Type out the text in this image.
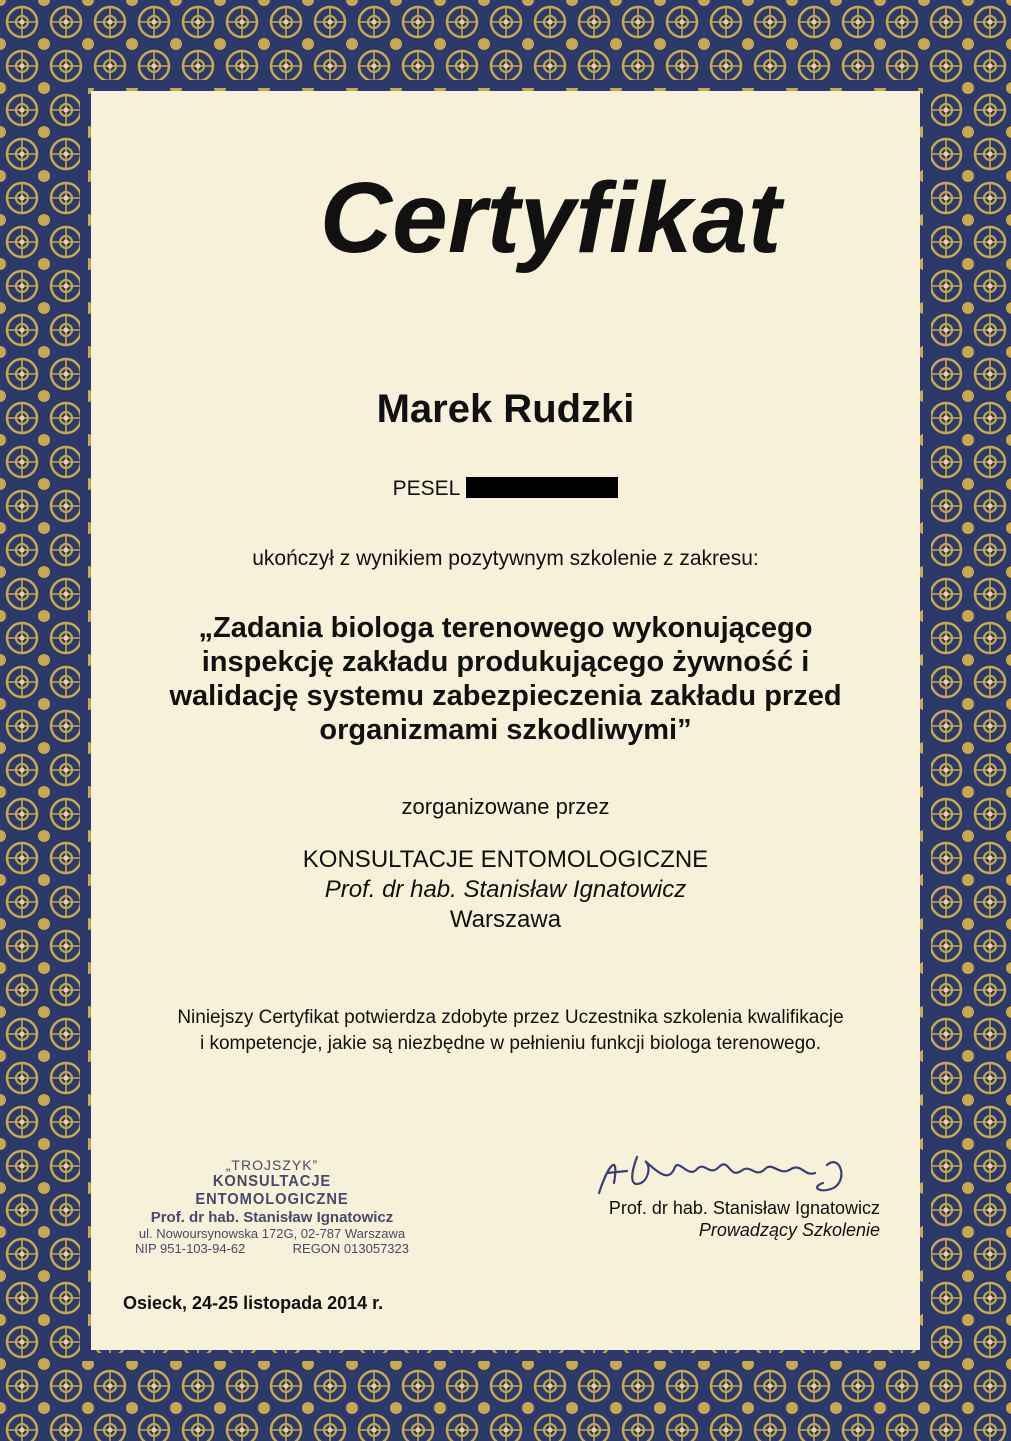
Certyfikat
Marek Rudzki
PESEL
ukończył z wynikiem pozytywnym szkolenie z zakresu:
„Zadania biologa terenowego wykonującego
inspekcję zakładu produkującego żywność i
walidację systemu zabezpieczenia zakładu przed
organizmami szkodliwymi”
zorganizowane przez
KONSULTACJE ENTOMOLOGICZNE
Prof. dr hab. Stanisław Ignatowicz
Warszawa
Niniejszy Certyfikat potwierdza zdobyte przez Uczestnika szkolenia kwalifikacje
i kompetencje, jakie są niezbędne w pełnieniu funkcji biologa terenowego.
„TROJSZYK”
KONSULTACJE ENTOMOLOGICZNE
Prof. dr hab. Stanisław Ignatowicz
ul. Nowoursynowska 172G, 02-787 Warszawa
NIP 951-103-94-62	REGON 013057323
Prof. dr hab. Stanisław Ignatowicz
Prowadzący Szkolenie
Osieck, 24-25 listopada 2014 r.
